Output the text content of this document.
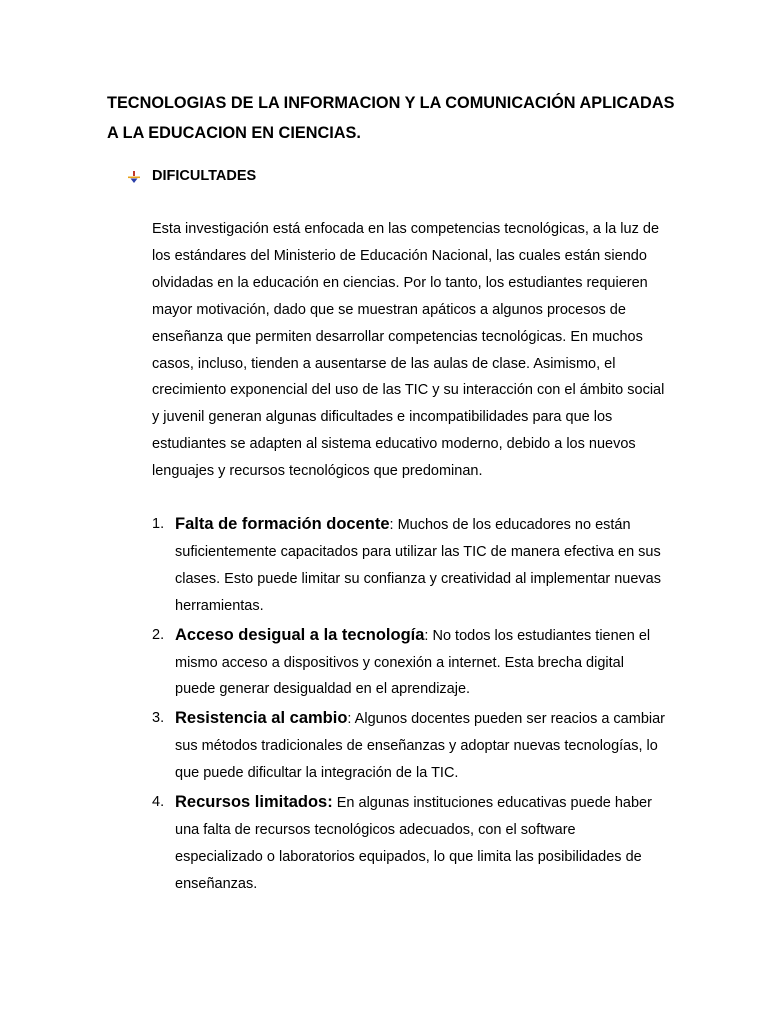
TECNOLOGIAS DE LA INFORMACION Y LA COMUNICACIÓN APLICADAS A LA EDUCACION EN CIENCIAS.
DIFICULTADES

Esta investigación está enfocada en las competencias tecnológicas, a la luz de los estándares del Ministerio de Educación Nacional, las cuales están siendo olvidadas en la educación en ciencias. Por lo tanto, los estudiantes requieren mayor motivación, dado que se muestran apáticos a algunos procesos de enseñanza que permiten desarrollar competencias tecnológicas. En muchos casos, incluso, tienden a ausentarse de las aulas de clase. Asimismo, el crecimiento exponencial del uso de las TIC y su interacción con el ámbito social y juvenil generan algunas dificultades e incompatibilidades para que los estudiantes se adapten al sistema educativo moderno, debido a los nuevos lenguajes y recursos tecnológicos que predominan.

1. Falta de formación docente: Muchos de los educadores no están suficientemente capacitados para utilizar las TIC de manera efectiva en sus clases. Esto puede limitar su confianza y creatividad al implementar nuevas herramientas.
2. Acceso desigual a la tecnología: No todos los estudiantes tienen el mismo acceso a dispositivos y conexión a internet. Esta brecha digital puede generar desigualdad en el aprendizaje.
3. Resistencia al cambio: Algunos docentes pueden ser reacios a cambiar sus métodos tradicionales de enseñanzas y adoptar nuevas tecnologías, lo que puede dificultar la integración de la TIC.
4. Recursos limitados: En algunas instituciones educativas puede haber una falta de recursos tecnológicos adecuados, con el software especializado o laboratorios equipados, lo que limita las posibilidades de enseñanzas.
